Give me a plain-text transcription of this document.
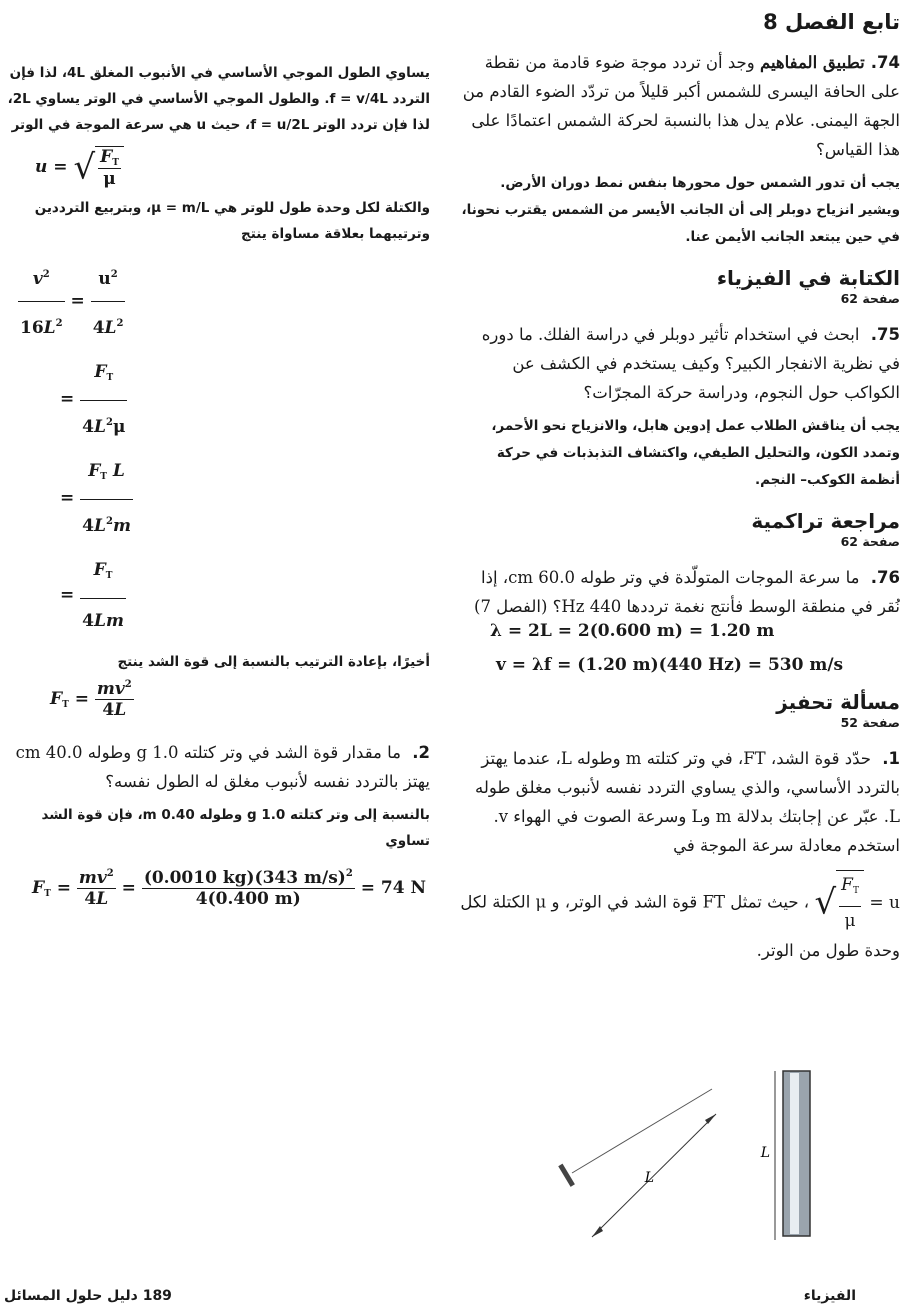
تابع الفصل 8

74.تطبيق المفاهيم وجد أن تردد موجة ضوء قادمة من نقطة على الحافة اليسرى للشمس أكبر قليلاً من تردّد الضوء القادم من الجهة اليمنى. علام يدل هذا بالنسبة لحركة الشمس اعتمادًا على هذا القياس؟

يجب أن تدور الشمس حول محورها بنفس نمط دوران الأرض. ويشير انزياح دوبلر إلى أن الجانب الأيسر من الشمس يقترب نحونا، في حين يبتعد الجانب الأيمن عنا.

الكتابة في الفيزياء
صفحة 62

75. ابحث في استخدام تأثير دوبلر في دراسة الفلك. ما دوره في نظرية الانفجار الكبير؟ وكيف يستخدم في الكشف عن الكواكب حول النجوم، ودراسة حركة المجرّات؟

يجب أن يناقش الطلاب عمل إدوين هابل، والانزياح نحو الأحمر، وتمدد الكون، والتحليل الطيفي، واكتشاف التذبذبات في حركة أنظمة الكوكب– النجم.

مراجعة تراكمية
صفحة 62

76. ما سرعة الموجات المتولّدة في وتر طوله 60.0 cm، إذا نُقر في منطقة الوسط فأنتج نغمة ترددها 440 Hz؟ (الفصل 7)

λ = 2L = 2(0.600 m) = 1.20 m
v = λf = (1.20 m)(440 Hz) = 530 m/s
مسألة تحفيز
صفحة 52

1. حدّد قوة الشد، FT، في وتر كتلته m وطوله L، عندما يهتز بالتردد الأساسي، والذي يساوي التردد نفسه لأنبوب مغلق طوله L. عبّر عن إجابتك بدلالة m وL وسرعة الصوت في الهواء v. استخدم معادلة سرعة الموجة في

u = √ $\frac{F_T}{\mu}$
، حيث تمثل FT قوة الشد في الوتر، و μ الكتلة لكل وحدة طول من الوتر.

يساوي الطول الموجي الأساسي في الأنبوب المغلق 4L، لذا فإن التردد f = v/4L. والطول الموجي الأساسي في الوتر يساوي 2L، لذا فإن تردد الوتر f = u/2L، حيث u هي سرعة الموجة في الوتر

u = √ $\frac{F_T}{\mu}$

والكتلة لكل وحدة طول للوتر هي μ = m/L، وبتربيع الترددين وترتيبهما بعلاقة مساواة ينتج

$\frac{v^2}{16L^2} = \frac{u^2}{4L^2}$
= $\frac{F_T}{4L^2\mu}$
= $\frac{F_T L}{4L^2m}$
= $\frac{F_T}{4Lm}$

أخيرًا، بإعادة الترتيب بالنسبة إلى قوة الشد ينتج

$F_T = \frac{mv^2}{4L}$

2. ما مقدار قوة الشد في وتر كتلته 1.0 g وطوله 40.0 cm يهتز بالتردد نفسه لأنبوب مغلق له الطول نفسه؟

بالنسبة إلى وتر كتلته 1.0 g وطوله 0.40 m، فإن قوة الشد تساوي

$F_T = \frac{mv^2}{4L} = \frac{(0.0010 kg)(343 m/s)^2}{4(0.400 m)} = 74$ N
L
L
189 دليل حلول المسائل	الفيزياء
